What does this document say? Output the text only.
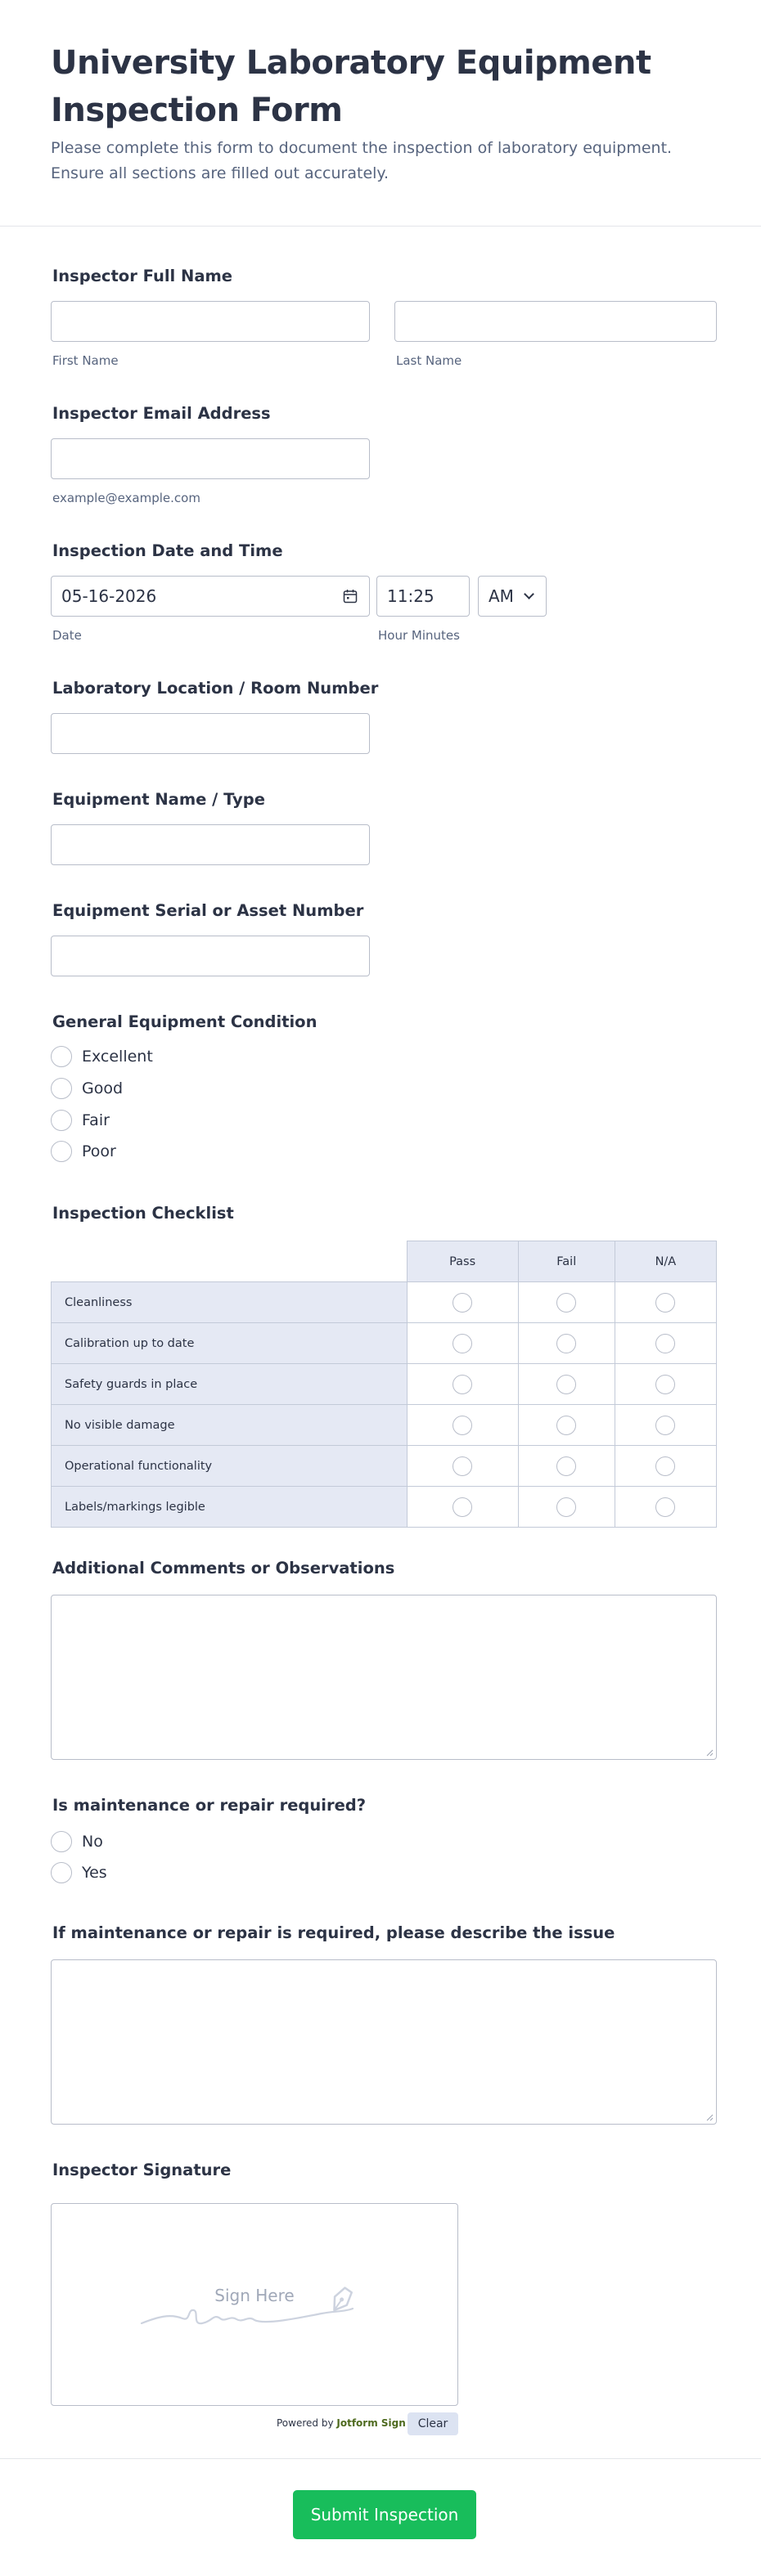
University Laboratory Equipment Inspection Form

Please complete this form to document the inspection of laboratory equipment. Ensure all sections are filled out accurately.

Inspector Full Name
First Name	Last Name
Inspector Email Address
example@example.com
Inspection Date and Time
05-16-2026	11:25	AM
Date	Hour Minutes
Laboratory Location / Room Number
Equipment Name / Type
Equipment Serial or Asset Number
General Equipment Condition
Excellent
Good
Fair
Poor
Inspection Checklist
	Pass	Fail	N/A
Cleanliness			
Calibration up to date			
Safety guards in place			
No visible damage			
Operational functionality			
Labels/markings legible			
Additional Comments or Observations
Is maintenance or repair required?
No
Yes
If maintenance or repair is required, please describe the issue
Inspector Signature
Sign Here
Powered by Jotform Sign	Clear
Submit Inspection
